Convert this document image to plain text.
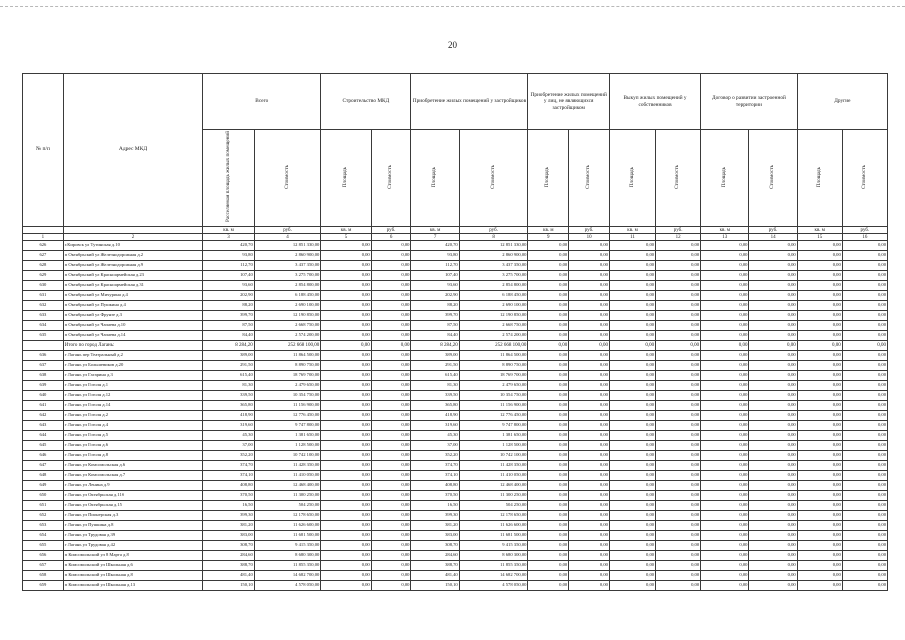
20
№ п/п	Адрес МКД	Всего		Строительство МКД		Приобретение жилых помещений у застройщиков		Приобретение жилых помещений у лиц, не являющихся застройщиком		Выкуп жилых помещений у собственников		Договор о развитии застроенной территории		Другие	
		Расселяемая площадь жилых помещений	Стоимость	Площадь	Стоимость	Площадь	Стоимость	Площадь	Стоимость	Площадь	Стоимость	Площадь	Стоимость	Площадь	Стоимость
		кв. м	руб.	кв. м	руб.	кв. м	руб.	кв. м	руб.	кв. м	руб.	кв. м	руб.	кв. м	руб.
1	2	3	4	5	6	7	8	9	10	11	12	13	14	15	16
626	г.Кировск ул Тутинская д.10	420,70	12 851 330,00	0,00	0,00	420,70	12 851 330,00	0,00	0,00	0,00	0,00	0,00	0,00	0,00	0,00
627	п Октябрьский ул Железнодорожная д.2	93,80	2 860 900,00	0,00	0,00	93,80	2 860 900,00	0,00	0,00	0,00	0,00	0,00	0,00	0,00	0,00
628	п Октябрьский ул Железнодорожная д.9	112,70	3 437 350,00	0,00	0,00	112,70	3 437 350,00	0,00	0,00	0,00	0,00	0,00	0,00	0,00	0,00
629	п Октябрьский ул Красноармейская д.23	107,40	3 275 700,00	0,00	0,00	107,40	3 275 700,00	0,00	0,00	0,00	0,00	0,00	0,00	0,00	0,00
630	п Октябрьский ул Красноармейская д.31	93,60	2 854 800,00	0,00	0,00	93,60	2 854 800,00	0,00	0,00	0,00	0,00	0,00	0,00	0,00	0,00
631	п Октябрьский ул Мичурина д.4	202,90	6 188 450,00	0,00	0,00	202,90	6 188 450,00	0,00	0,00	0,00	0,00	0,00	0,00	0,00	0,00
632	п Октябрьский ул Пушкина д.4	88,20	2 690 100,00	0,00	0,00	88,20	2 690 100,00	0,00	0,00	0,00	0,00	0,00	0,00	0,00	0,00
633	п Октябрьский ул Фрунзе д.3	399,70	12 190 850,00	0,00	0,00	399,70	12 190 850,00	0,00	0,00	0,00	0,00	0,00	0,00	0,00	0,00
634	п Октябрьский ул Чапаева д.10	87,50	2 668 750,00	0,00	0,00	87,50	2 668 750,00	0,00	0,00	0,00	0,00	0,00	0,00	0,00	0,00
635	п Октябрьский ул Чапаева д.14	84,40	2 574 200,00	0,00	0,00	84,40	2 574 200,00	0,00	0,00	0,00	0,00	0,00	0,00	0,00	0,00
	Итого по город Лагань:	8 284,20	252 668 100,00	0,00	0,00	8 284,20	252 668 100,00	0,00	0,00	0,00	0,00	0,00	0,00	0,00	0,00
636	г Лагань пер Театральный д.2	389,00	11 864 500,00	0,00	0,00	389,00	11 864 500,00	0,00	0,00	0,00	0,00	0,00	0,00	0,00	0,00
637	г Лагань ул Большевиков д.20	291,50	8 890 750,00	0,00	0,00	291,50	8 890 750,00	0,00	0,00	0,00	0,00	0,00	0,00	0,00	0,00
638	г Лагань ул Гагарина д.3	615,40	18 769 700,00	0,00	0,00	615,40	18 769 700,00	0,00	0,00	0,00	0,00	0,00	0,00	0,00	0,00
639	г Лагань ул Гоголя д.1	81,30	2 479 650,00	0,00	0,00	81,30	2 479 650,00	0,00	0,00	0,00	0,00	0,00	0,00	0,00	0,00
640	г Лагань ул Гоголя д.12	339,50	10 354 750,00	0,00	0,00	339,50	10 354 750,00	0,00	0,00	0,00	0,00	0,00	0,00	0,00	0,00
641	г Лагань ул Гоголя д.14	365,80	11 156 900,00	0,00	0,00	365,80	11 156 900,00	0,00	0,00	0,00	0,00	0,00	0,00	0,00	0,00
642	г Лагань ул Гоголя д.2	418,90	12 776 450,00	0,00	0,00	418,90	12 776 450,00	0,00	0,00	0,00	0,00	0,00	0,00	0,00	0,00
643	г Лагань ул Гоголя д.4	319,60	9 747 800,00	0,00	0,00	319,60	9 747 800,00	0,00	0,00	0,00	0,00	0,00	0,00	0,00	0,00
644	г Лагань ул Гоголя д.5	45,30	1 381 650,00	0,00	0,00	45,30	1 381 650,00	0,00	0,00	0,00	0,00	0,00	0,00	0,00	0,00
645	г Лагань ул Гоголя д.6	37,00	1 128 500,00	0,00	0,00	37,00	1 128 500,00	0,00	0,00	0,00	0,00	0,00	0,00	0,00	0,00
646	г Лагань ул Гоголя д.8	352,20	10 742 100,00	0,00	0,00	352,20	10 742 100,00	0,00	0,00	0,00	0,00	0,00	0,00	0,00	0,00
647	г Лагань ул Комсомольская д.6	374,70	11 428 350,00	0,00	0,00	374,70	11 428 350,00	0,00	0,00	0,00	0,00	0,00	0,00	0,00	0,00
648	г Лагань ул Комсомольская д.7	374,10	11 410 050,00	0,00	0,00	374,10	11 410 050,00	0,00	0,00	0,00	0,00	0,00	0,00	0,00	0,00
649	г Лагань ул Ленина д.9	408,80	12 468 400,00	0,00	0,00	408,80	12 468 400,00	0,00	0,00	0,00	0,00	0,00	0,00	0,00	0,00
650	г Лагань ул Октябрьская д.11б	370,50	11 300 250,00	0,00	0,00	370,50	11 300 250,00	0,00	0,00	0,00	0,00	0,00	0,00	0,00	0,00
651	г Лагань ул Октябрьская д.15	16,50	504 250,00	0,00	0,00	16,50	504 250,00	0,00	0,00	0,00	0,00	0,00	0,00	0,00	0,00
652	г Лагань ул Пионерская д.3	399,30	12 178 650,00	0,00	0,00	399,30	12 178 650,00	0,00	0,00	0,00	0,00	0,00	0,00	0,00	0,00
653	г Лагань ул Пушкина д.8	381,20	11 626 600,00	0,00	0,00	381,20	11 626 600,00	0,00	0,00	0,00	0,00	0,00	0,00	0,00	0,00
654	г Лагань ул Трудовая д.39	383,00	11 681 500,00	0,00	0,00	383,00	11 681 500,00	0,00	0,00	0,00	0,00	0,00	0,00	0,00	0,00
655	г Лагань ул Трудовая д.42	308,70	9 415 350,00	0,00	0,00	308,70	9 415 350,00	0,00	0,00	0,00	0,00	0,00	0,00	0,00	0,00
656	п Комсомольский ул 8 Марта д.8	284,60	8 680 300,00	0,00	0,00	284,60	8 680 300,00	0,00	0,00	0,00	0,00	0,00	0,00	0,00	0,00
657	п Комсомольский ул Школьная д.6	388,70	11 855 350,00	0,00	0,00	388,70	11 855 350,00	0,00	0,00	0,00	0,00	0,00	0,00	0,00	0,00
658	п Комсомольский ул Школьная д.8	481,40	14 682 700,00	0,00	0,00	481,40	14 682 700,00	0,00	0,00	0,00	0,00	0,00	0,00	0,00	0,00
659	п Комсомольский ул Школьная д.13	150,10	4 578 050,00	0,00	0,00	150,10	4 578 050,00	0,00	0,00	0,00	0,00	0,00	0,00	0,00	0,00
